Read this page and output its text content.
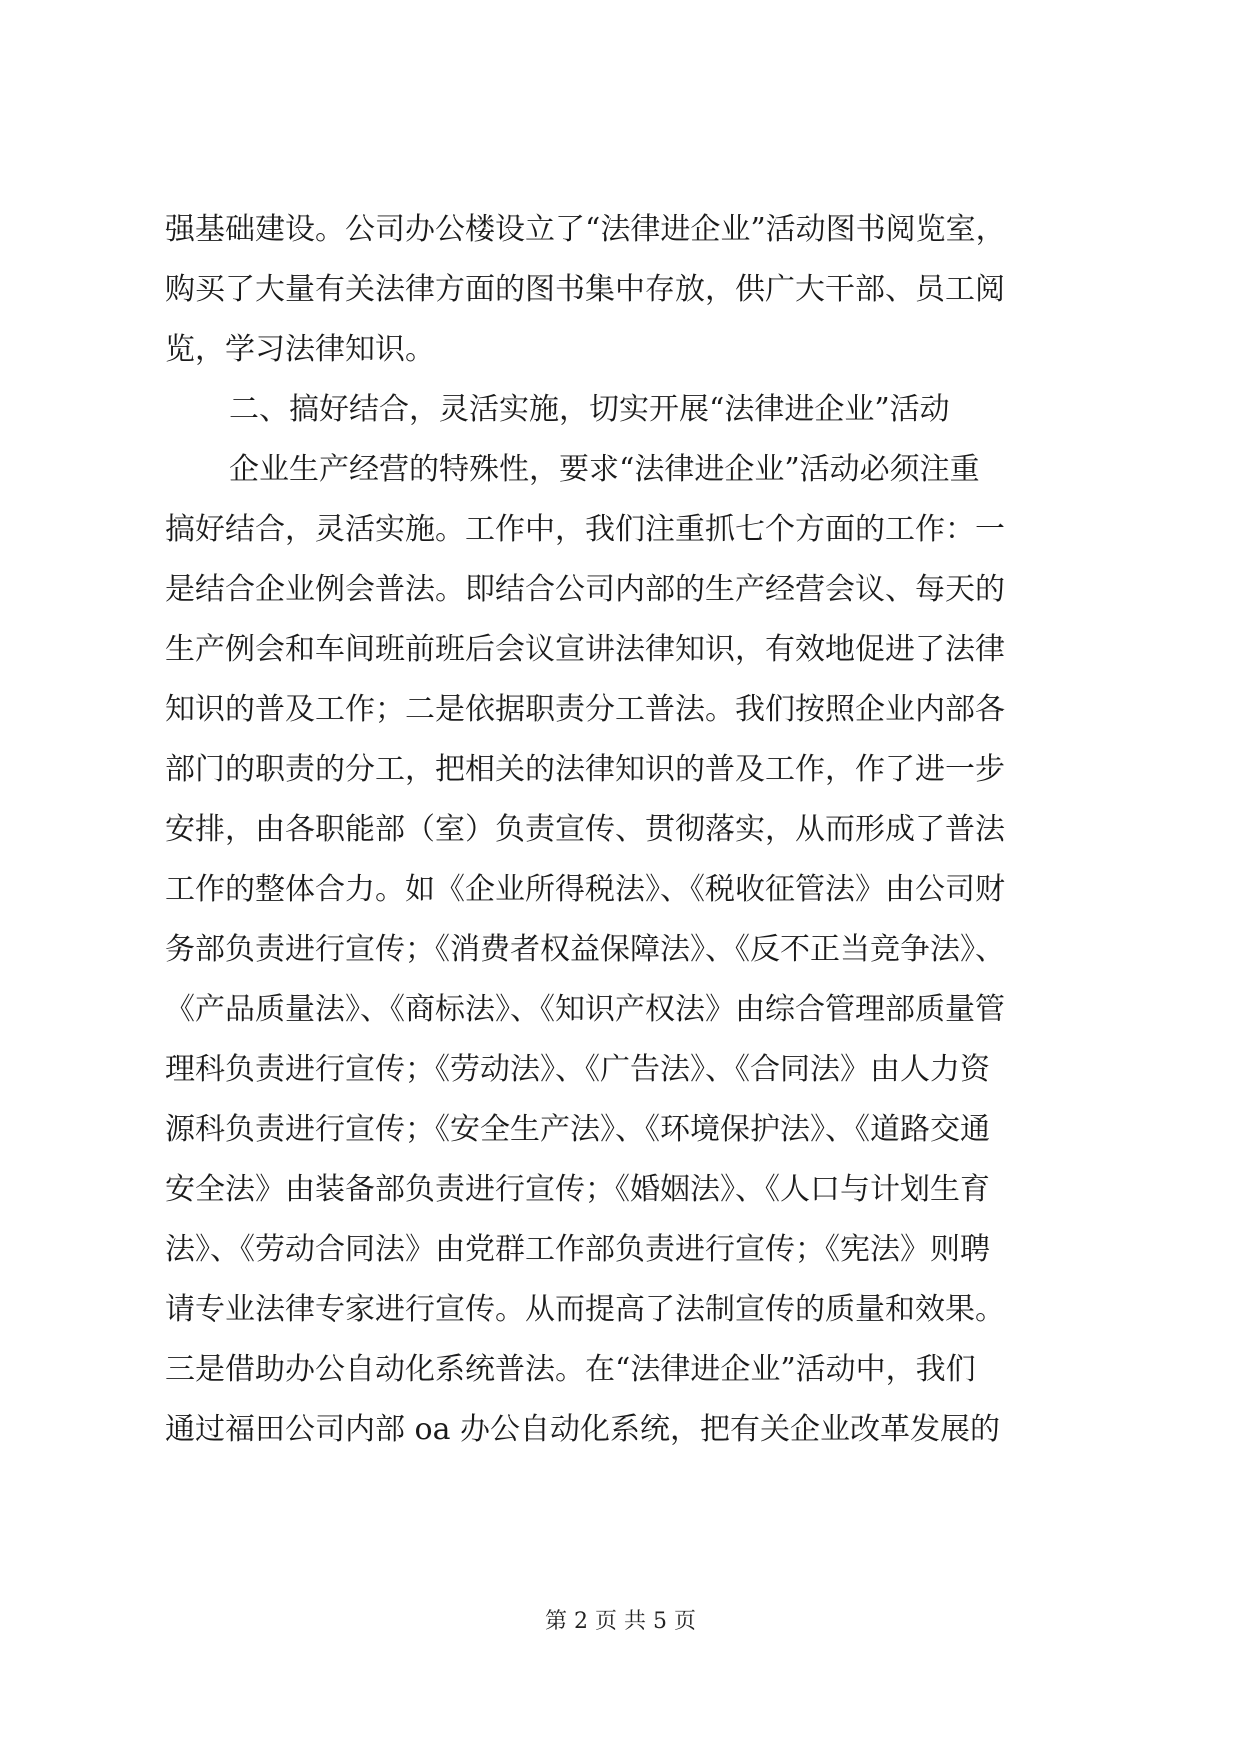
强基础建设。公司办公楼设立了“法律进企业”活动图书阅览室，
购买了大量有关法律方面的图书集中存放，供广大干部、员工阅
览，学习法律知识。
二、搞好结合，灵活实施，切实开展“法律进企业”活动
企业生产经营的特殊性，要求“法律进企业”活动必须注重
搞好结合，灵活实施。工作中，我们注重抓七个方面的工作：一
是结合企业例会普法。即结合公司内部的生产经营会议、每天的
生产例会和车间班前班后会议宣讲法律知识，有效地促进了法律
知识的普及工作；二是依据职责分工普法。我们按照企业内部各
部门的职责的分工，把相关的法律知识的普及工作，作了进一步
安排，由各职能部（室）负责宣传、贯彻落实，从而形成了普法
工作的整体合力。如《企业所得税法》、《税收征管法》由公司财
务部负责进行宣传；《消费者权益保障法》、《反不正当竞争法》、
《产品质量法》、《商标法》、《知识产权法》由综合管理部质量管
理科负责进行宣传；《劳动法》、《广告法》、《合同法》由人力资
源科负责进行宣传；《安全生产法》、《环境保护法》、《道路交通
安全法》由装备部负责进行宣传；《婚姻法》、《人口与计划生育
法》、《劳动合同法》由党群工作部负责进行宣传；《宪法》则聘
请专业法律专家进行宣传。从而提高了法制宣传的质量和效果。
三是借助办公自动化系统普法。在“法律进企业”活动中，我们
通过福田公司内部 oa 办公自动化系统，把有关企业改革发展的
第 2 页 共 5 页
